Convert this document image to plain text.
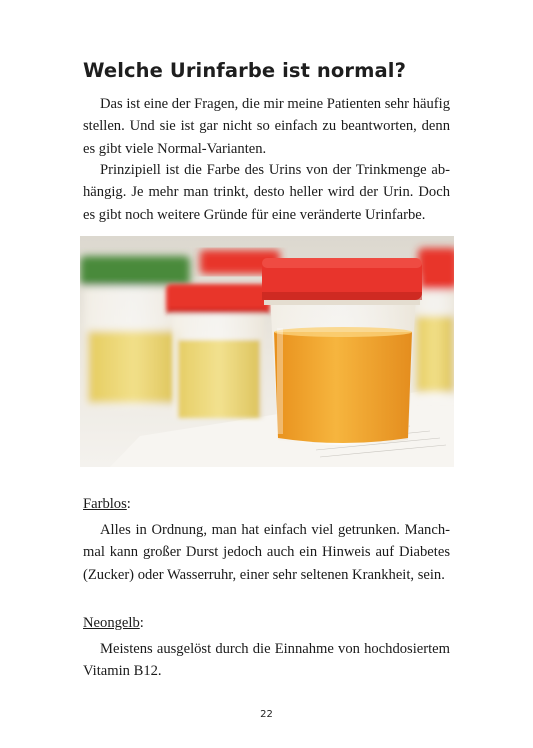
Welche Urinfarbe ist normal?

Das ist eine der Fragen, die mir meine Patienten sehr häufig stellen. Und sie ist gar nicht so einfach zu beantworten, denn es gibt viele Normal-Varianten.

Prinzipiell ist die Farbe des Urins von der Trinkmenge abhängig. Je mehr man trinkt, desto heller wird der Urin. Doch es gibt noch weitere Gründe für eine veränderte Urinfarbe.

Farblos:

Alles in Ordnung, man hat einfach viel getrunken. Manchmal kann großer Durst jedoch auch ein Hinweis auf Diabetes (Zucker) oder Wasserruhr, einer sehr seltenen Krankheit, sein.

Neongelb:

Meistens ausgelöst durch die Einnahme von hochdosiertem Vitamin B12.

22
